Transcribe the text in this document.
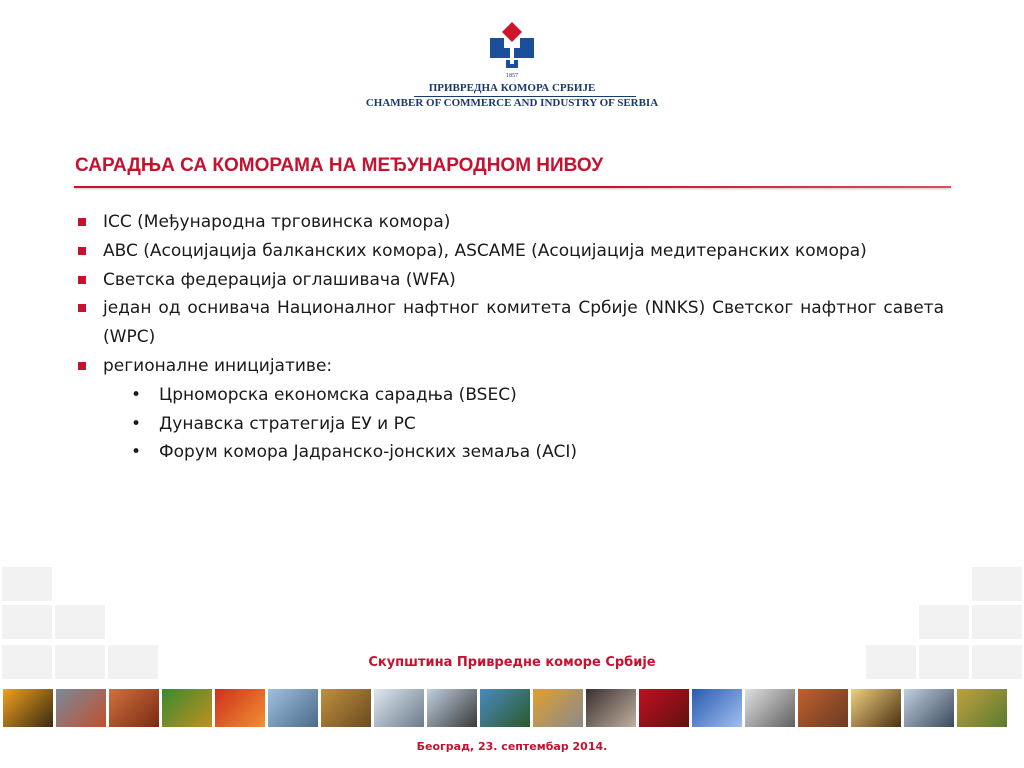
1857
ПРИВРЕДНА КОМОРА СРБИЈЕ
CHAMBER OF COMMERCE AND INDUSTRY OF SERBIA
САРАДЊА СА КОМОРАМА НА МЕЂУНАРОДНОМ НИВОУ
ICC (Међународна трговинска комора)
ABC (Асоцијација балканских комора), ASCAME (Асоцијација медитеранских комора)
Светска федерација оглашивача (WFA)
један од оснивача Националног нафтног комитета Србије (NNKS) Светског нафтног савета (WPC)
регионалне иницијативе:
• Црноморска економска сарадња (BSEC)
• Дунавска стратегија ЕУ и РС
• Форум комора Јадранско-јонских земаља (ACI)
Скупштина Привредне коморе Србије
Београд, 23. септембар 2014.
